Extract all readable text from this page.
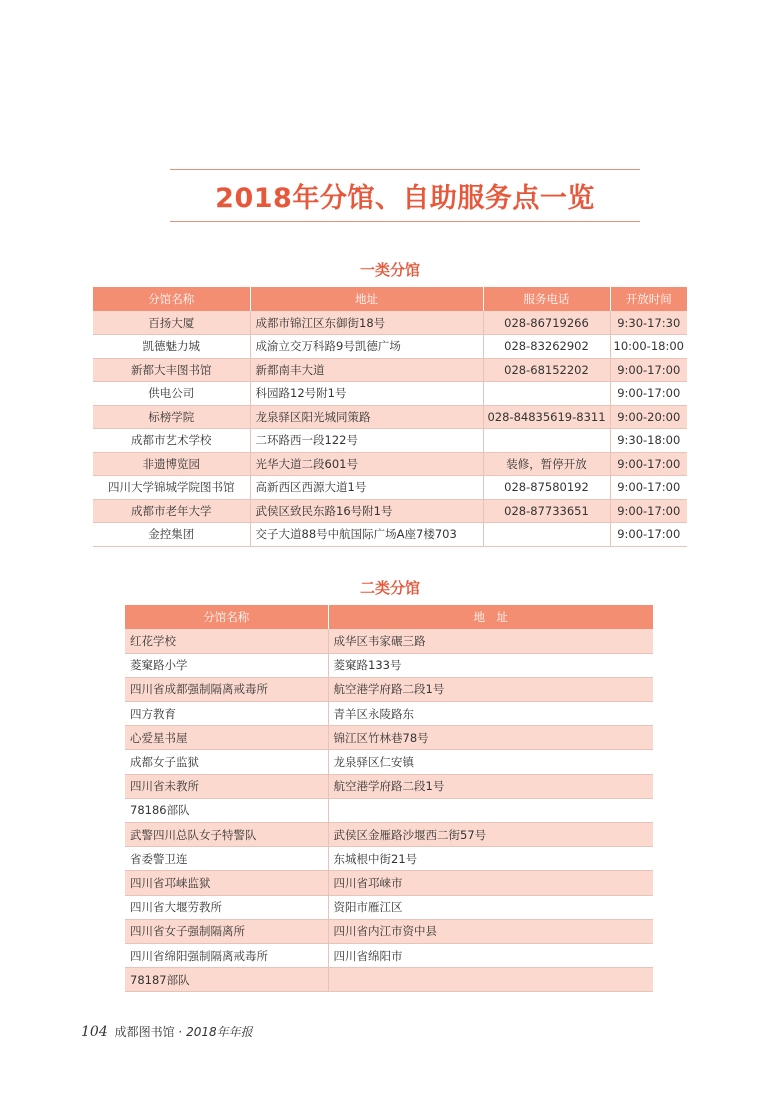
2018年分馆、自助服务点一览
一类分馆
分馆名称	地址	服务电话	开放时间
百扬大厦	成都市锦江区东御街18号	028-86719266	9:30-17:30
凯德魅力城	成渝立交万科路9号凯德广场	028-83262902	10:00-18:00
新都大丰图书馆	新都南丰大道	028-68152202	9:00-17:00
供电公司	科园路12号附1号		9:00-17:00
标榜学院	龙泉驿区阳光城同策路	028-84835619-8311	9:00-20:00
成都市艺术学校	二环路西一段122号		9:30-18:00
非遗博览园	光华大道二段601号	装修，暂停开放	9:00-17:00
四川大学锦城学院图书馆	高新西区西源大道1号	028-87580192	9:00-17:00
成都市老年大学	武侯区致民东路16号附1号	028-87733651	9:00-17:00
金控集团	交子大道88号中航国际广场A座7楼703		9:00-17:00
二类分馆
分馆名称	地　址
红花学校	成华区韦家碾三路
菱窠路小学	菱窠路133号
四川省成都强制隔离戒毒所	航空港学府路二段1号
四方教育	青羊区永陵路东
心爱星书屋	锦江区竹林巷78号
成都女子监狱	龙泉驿区仁安镇
四川省未教所	航空港学府路二段1号
78186部队	
武警四川总队女子特警队	武侯区金雁路沙堰西二街57号
省委警卫连	东城根中街21号
四川省邛崃监狱	四川省邛崃市
四川省大堰劳教所	资阳市雁江区
四川省女子强制隔离所	四川省内江市资中县
四川省绵阳强制隔离戒毒所	四川省绵阳市
78187部队	
104 成都图书馆 · 2018年年报
